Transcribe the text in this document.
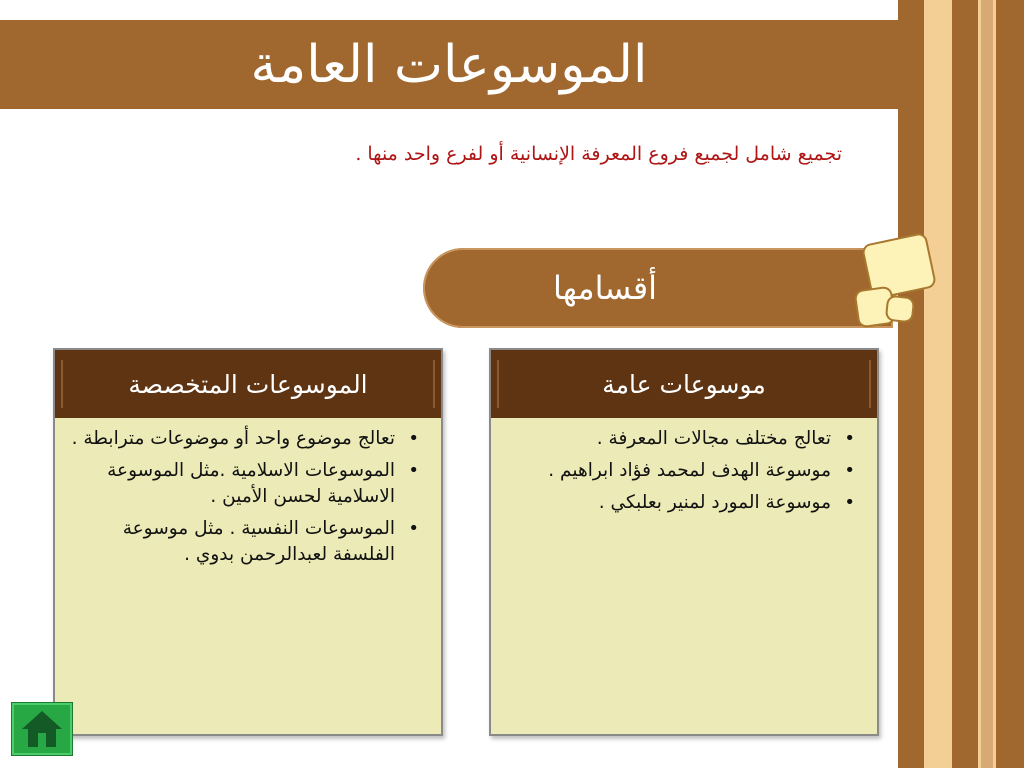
الموسوعات العامة
تجميع شامل لجميع فروع المعرفة الإنسانية أو لفرع واحد منها .
أقسامها
موسوعات عامة
• تعالج مختلف مجالات المعرفة .
• موسوعة الهدف لمحمد فؤاد ابراهيم .
• موسوعة المورد لمنير بعلبكي .
الموسوعات المتخصصة
• تعالج موضوع واحد أو موضوعات مترابطة .
• الموسوعات الاسلامية .مثل الموسوعة الاسلامية لحسن الأمين .
• الموسوعات النفسية . مثل موسوعة الفلسفة لعبدالرحمن بدوي .
